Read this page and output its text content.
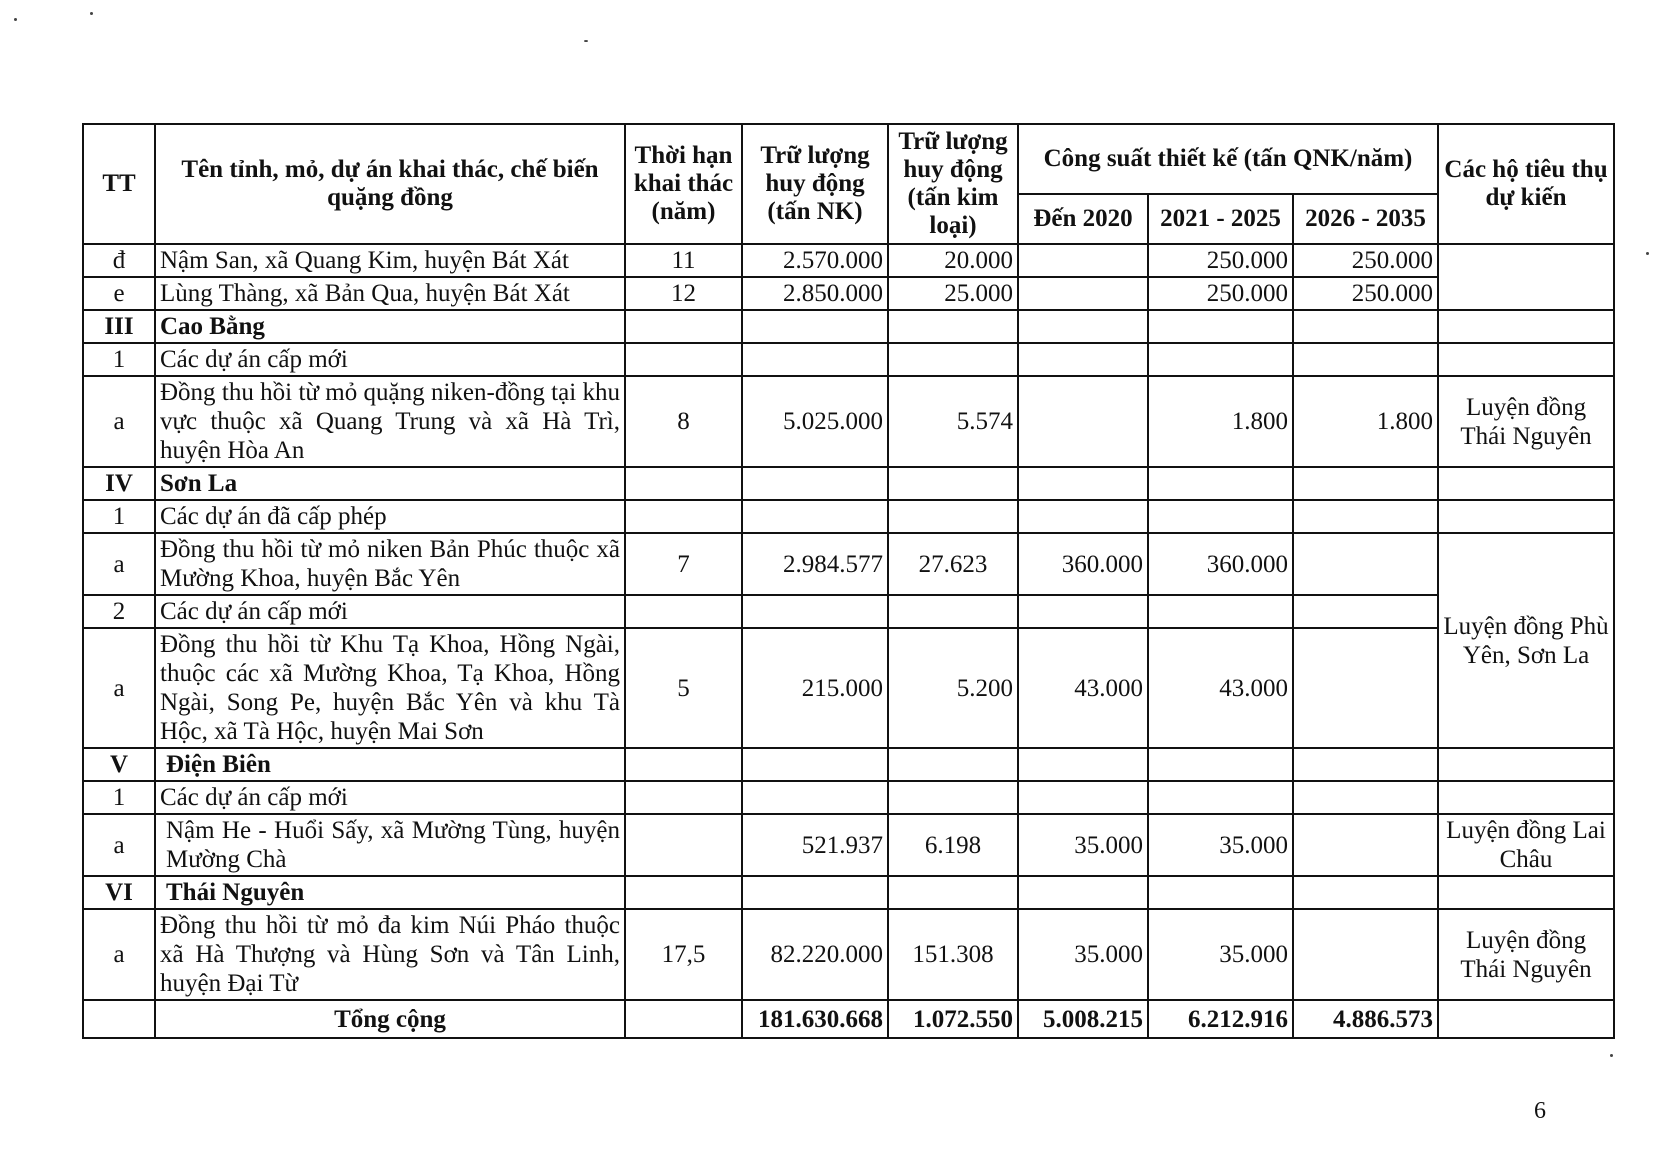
TT	Tên tỉnh, mỏ, dự án khai thác, chế biến quặng đồng	Thời hạn khai thác (năm)	Trữ lượng huy động (tấn NK)	Trữ lượng huy động (tấn kim loại)	Công suất thiết kế (tấn QNK/năm)			Các hộ tiêu thụ dự kiến
					Đến 2020	2021 - 2025	2026 - 2035	
đ	Nậm San, xã Quang Kim, huyện Bát Xát	11	2.570.000	20.000		250.000	250.000	
e	Lùng Thàng, xã Bản Qua, huyện Bát Xát	12	2.850.000	25.000		250.000	250.000	
III	Cao Bằng							
1	Các dự án cấp mới							
a	Đồng thu hồi từ mỏ quặng niken-đồng tại khu vực thuộc xã Quang Trung và xã Hà Trì, huyện Hòa An	8	5.025.000	5.574		1.800	1.800	Luyện đồng Thái Nguyên
IV	Sơn La							
1	Các dự án đã cấp phép							
a	Đồng thu hồi từ mỏ niken Bản Phúc thuộc xã Mường Khoa, huyện Bắc Yên	7	2.984.577	27.623	360.000	360.000		Luyện đồng Phù Yên, Sơn La
2	Các dự án cấp mới							
a	Đồng thu hồi từ Khu Tạ Khoa, Hồng Ngài, thuộc các xã Mường Khoa, Tạ Khoa, Hồng Ngài, Song Pe, huyện Bắc Yên và khu Tà Hộc, xã Tà Hộc, huyện Mai Sơn	5	215.000	5.200	43.000	43.000		
V	Điện Biên							
1	Các dự án cấp mới							
a	Nậm He - Huổi Sấy, xã Mường Tùng, huyện Mường Chà		521.937	6.198	35.000	35.000		Luyện đồng Lai Châu
VI	Thái Nguyên							
a	Đồng thu hồi từ mỏ đa kim Núi Pháo thuộc xã Hà Thượng và Hùng Sơn và Tân Linh, huyện Đại Từ	17,5	82.220.000	151.308	35.000	35.000		Luyện đồng Thái Nguyên
	Tổng cộng		181.630.668	1.072.550	5.008.215	6.212.916	4.886.573	
6
